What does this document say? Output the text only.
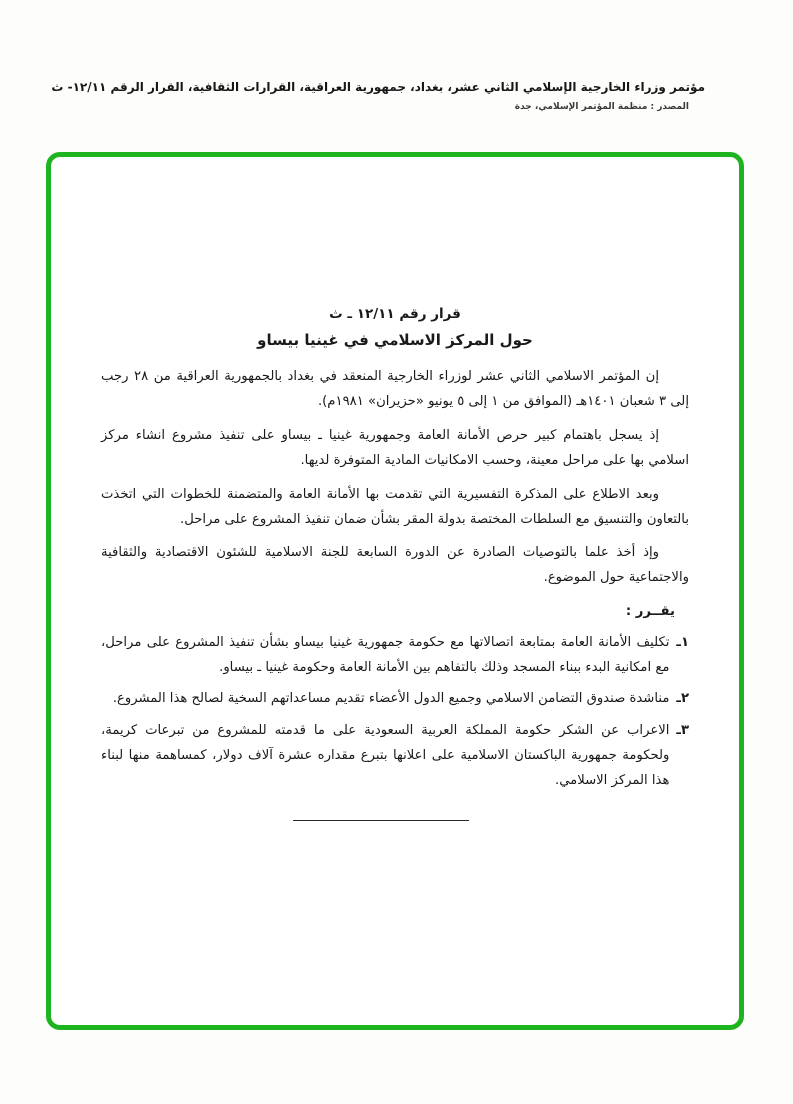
مؤتمر وزراء الخارجية الإسلامي الثاني عشر، بغداد، جمهورية العراقية، القرارات الثقافية، القرار الرقم ١٢/١١- ث
المصدر : منظمة المؤتمر الإسلامي، جدة
قرار رقم ١٢/١١ ـ ث
حول المركز الاسلامي في غينيا بيساو

إن المؤتمر الاسلامي الثاني عشر لوزراء الخارجية المنعقد في بغداد بالجمهورية العراقية من ٢٨ رجب إلى ٣ شعبان ١٤٠١هـ (الموافق من ١ إلى ٥ يونيو «حزيران» ١٩٨١م).

إذ يسجل باهتمام كبير حرص الأمانة العامة وجمهورية غينيا ـ بيساو على تنفيذ مشروع انشاء مركز اسلامي بها على مراحل معينة، وحسب الامكانيات المادية المتوفرة لديها.

وبعد الاطلاع على المذكرة التفسيرية التي تقدمت بها الأمانة العامة والمتضمنة للخطوات التي اتخذت بالتعاون والتنسيق مع السلطات المختصة بدولة المقر بشأن ضمان تنفيذ المشروع على مراحل.

وإذ أخذ علما بالتوصيات الصادرة عن الدورة السابعة للجنة الاسلامية للشئون الاقتصادية والثقافية والاجتماعية حول الموضوع.

يقــرر :
١ـ
تكليف الأمانة العامة بمتابعة اتصالاتها مع حكومة جمهورية غينيا بيساو بشأن تنفيذ المشروع على مراحل، مع امكانية البدء ببناء المسجد وذلك بالتفاهم بين الأمانة العامة وحكومة غينيا ـ بيساو.
٢ـ
مناشدة صندوق التضامن الاسلامي وجميع الدول الأعضاء تقديم مساعداتهم السخية لصالح هذا المشروع.
٣ـ
الاعراب عن الشكر حكومة المملكة العربية السعودية على ما قدمته للمشروع من تبرعات كريمة، ولحكومة جمهورية الباكستان الاسلامية على اعلانها بتبرع مقداره عشرة آلاف دولار، كمساهمة منها لبناء هذا المركز الاسلامي.
